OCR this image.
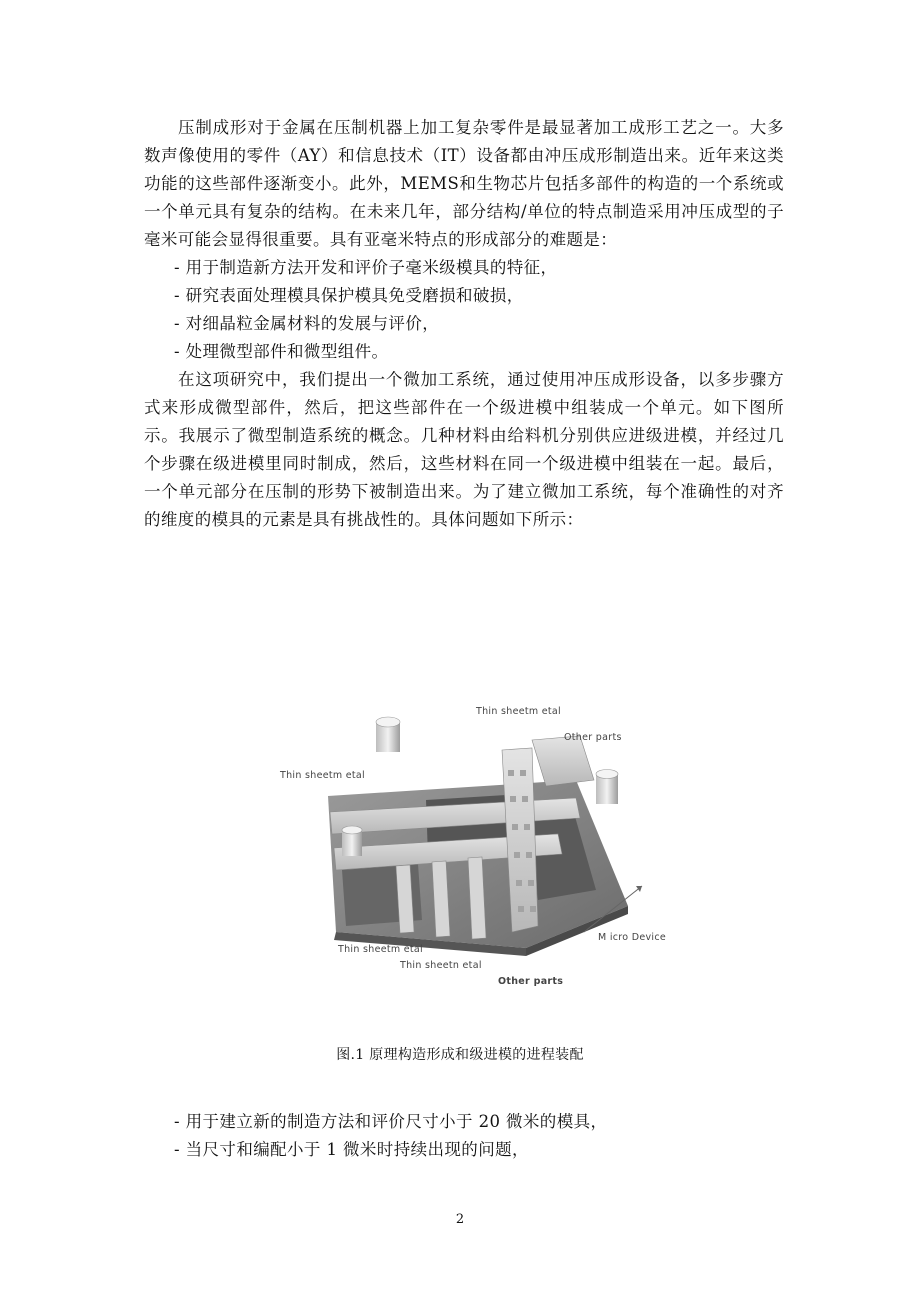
压制成形对于金属在压制机器上加工复杂零件是最显著加工成形工艺之一。大多数声像使用的零件（AY）和信息技术（IT）设备都由冲压成形制造出来。近年来这类功能的这些部件逐渐变小。此外，MEMS和生物芯片包括多部件的构造的一个系统或一个单元具有复杂的结构。在未来几年，部分结构/单位的特点制造采用冲压成型的子毫米可能会显得很重要。具有亚毫米特点的形成部分的难题是：

- 用于制造新方法开发和评价子毫米级模具的特征，

- 研究表面处理模具保护模具免受磨损和破损，

- 对细晶粒金属材料的发展与评价，

- 处理微型部件和微型组件。

在这项研究中，我们提出一个微加工系统，通过使用冲压成形设备，以多步骤方式来形成微型部件，然后，把这些部件在一个级进模中组装成一个单元。如下图所示。我展示了微型制造系统的概念。几种材料由给料机分别供应进级进模，并经过几个步骤在级进模里同时制成，然后，这些材料在同一个级进模中组装在一起。最后，一个单元部分在压制的形势下被制造出来。为了建立微加工系统，每个准确性的对齐的维度的模具的元素是具有挑战性的。具体问题如下所示：

Thin sheetm etal
Other parts
Thin sheetm etal
Thin sheetm etal
Thin sheetn etal
Other parts
M icro Device
图.1 原理构造形成和级进模的进程装配

- 用于建立新的制造方法和评价尺寸小于 20 微米的模具，

- 当尺寸和编配小于 1 微米时持续出现的问题，

2
